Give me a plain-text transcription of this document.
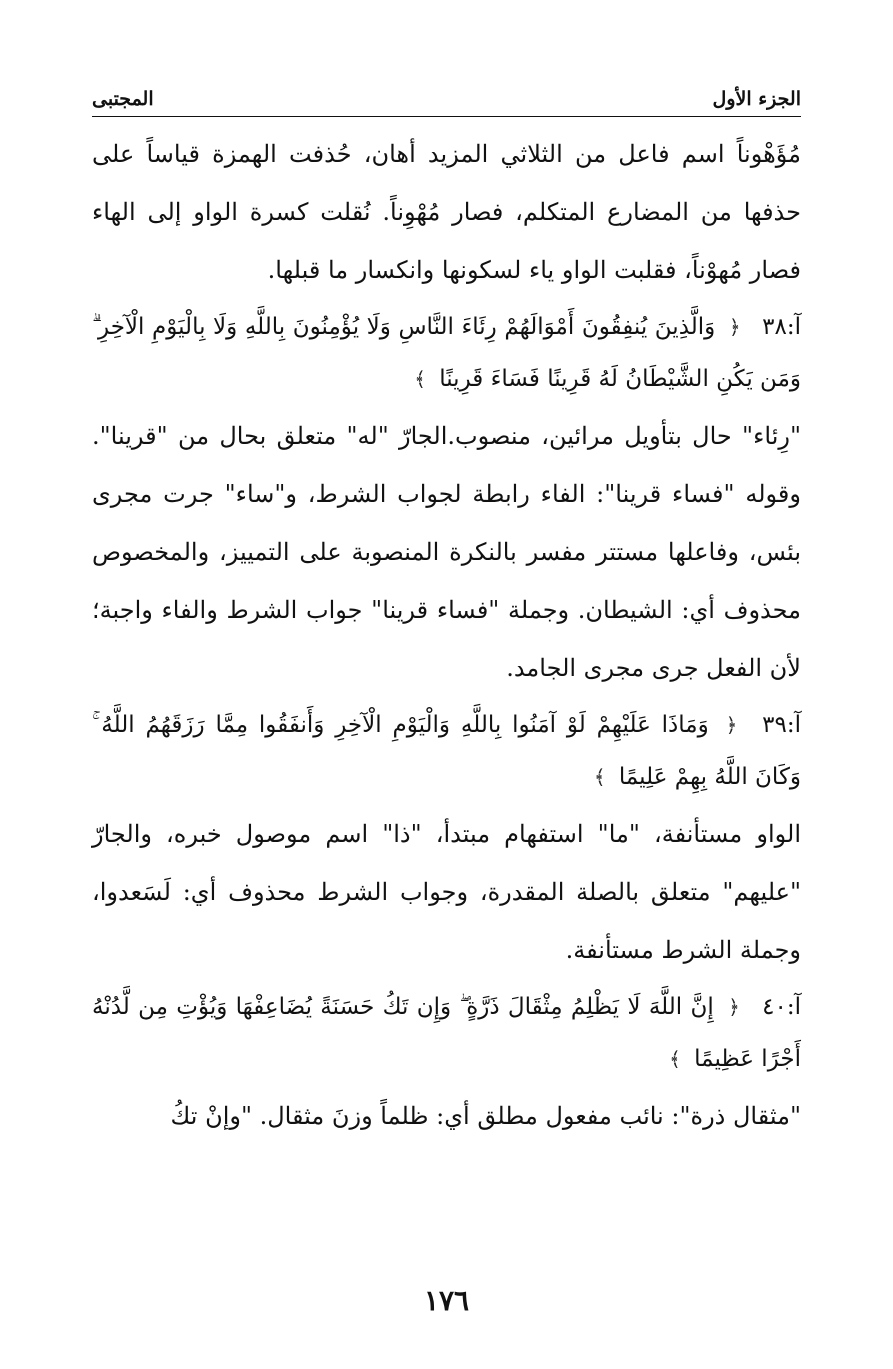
الجزء الأول
المجتبى

مُؤَهْوناً اسم فاعل من الثلاثي المزيد أهان، حُذفت الهمزة قياساً على حذفها من المضارع المتكلم، فصار مُهْوِناً. نُقلت كسرة الواو إلى الهاء فصار مُهوْناً، فقلبت الواو ياء لسكونها وانكسار ما قبلها.

آ:٣٨ ﴿ وَالَّذِينَ يُنفِقُونَ أَمْوَالَهُمْ رِئَاءَ النَّاسِ وَلَا يُؤْمِنُونَ بِاللَّهِ وَلَا بِالْيَوْمِ الْآخِرِ ۗ وَمَن يَكُنِ الشَّيْطَانُ لَهُ قَرِينًا فَسَاءَ قَرِينًا ﴾

"رِئاء" حال بتأويل مرائين، منصوب.الجارّ "له" متعلق بحال من "قرينا". وقوله "فساء قرينا": الفاء رابطة لجواب الشرط، و"ساء" جرت مجرى بئس، وفاعلها مستتر مفسر بالنكرة المنصوبة على التمييز، والمخصوص محذوف أي: الشيطان. وجملة "فساء قرينا" جواب الشرط والفاء واجبة؛ لأن الفعل جرى مجرى الجامد.

آ:٣٩ ﴿ وَمَاذَا عَلَيْهِمْ لَوْ آمَنُوا بِاللَّهِ وَالْيَوْمِ الْآخِرِ وَأَنفَقُوا مِمَّا رَزَقَهُمُ اللَّهُ ۚ وَكَانَ اللَّهُ بِهِمْ عَلِيمًا ﴾

الواو مستأنفة، "ما" استفهام مبتدأ، "ذا" اسم موصول خبره، والجارّ "عليهم" متعلق بالصلة المقدرة، وجواب الشرط محذوف أي: لَسَعدوا، وجملة الشرط مستأنفة.

آ:٤٠ ﴿ إِنَّ اللَّهَ لَا يَظْلِمُ مِثْقَالَ ذَرَّةٍ ۖ وَإِن تَكُ حَسَنَةً يُضَاعِفْهَا وَيُؤْتِ مِن لَّدُنْهُ أَجْرًا عَظِيمًا ﴾

"مثقال ذرة": نائب مفعول مطلق أي: ظلماً وزنَ مثقال. "وإنْ تكُ

١٧٦
